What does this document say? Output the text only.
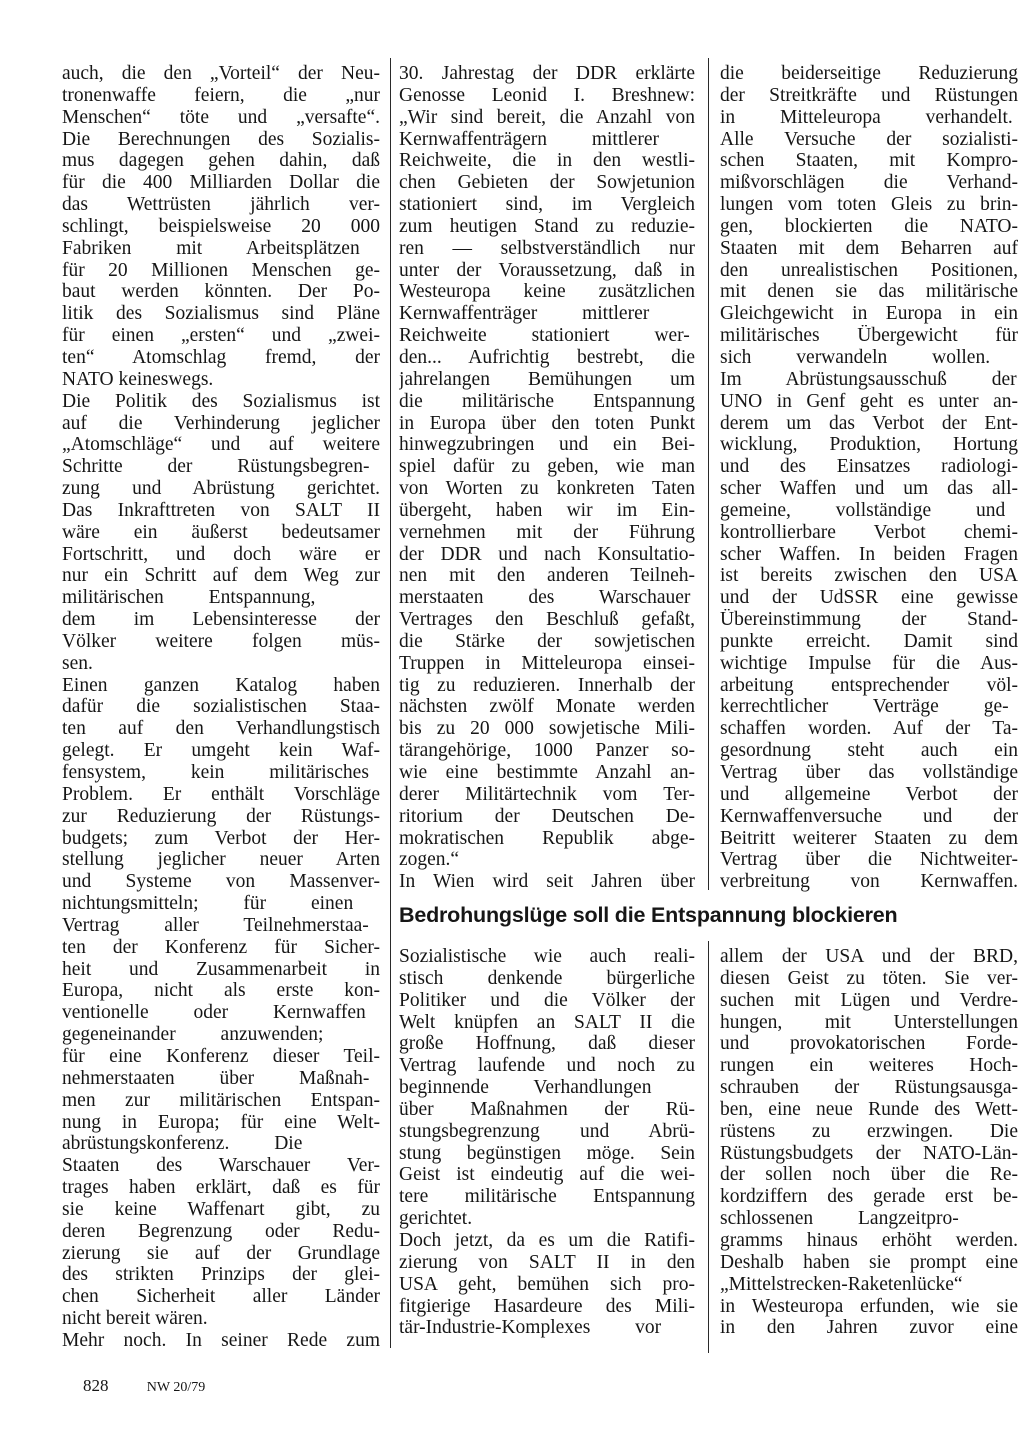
auch, die den „Vorteil“ der Neu-
tronenwaffe feiern, die „nur
Menschen“ töte und „versafte“.
Die Berechnungen des Sozialis-
mus dagegen gehen dahin, daß
für die 400 Milliarden Dollar die
das Wettrüsten jährlich ver-
schlingt, beispielsweise 20 000
Fabriken mit Arbeitsplätzen
für 20 Millionen Menschen ge-
baut werden könnten. Der Po-
litik des Sozialismus sind Pläne
für einen „ersten“ und „zwei-
ten“ Atomschlag fremd, der
NATO keineswegs.
Die Politik des Sozialismus ist
auf die Verhinderung jeglicher
„Atomschläge“ und auf weitere
Schritte der Rüstungsbegren-
zung und Abrüstung gerichtet.
Das Inkrafttreten von SALT II
wäre ein äußerst bedeutsamer
Fortschritt, und doch wäre er
nur ein Schritt auf dem Weg zur
militärischen Entspannung,
dem im Lebensinteresse der
Völker weitere folgen müs-
sen.
Einen ganzen Katalog haben
dafür die sozialistischen Staa-
ten auf den Verhandlungstisch
gelegt. Er umgeht kein Waf-
fensystem, kein militärisches
Problem. Er enthält Vorschläge
zur Reduzierung der Rüstungs-
budgets; zum Verbot der Her-
stellung jeglicher neuer Arten
und Systeme von Massenver-
nichtungsmitteln; für einen
Vertrag aller Teilnehmerstaa-
ten der Konferenz für Sicher-
heit und Zusammenarbeit in
Europa, nicht als erste kon-
ventionelle oder Kernwaffen
gegeneinander anzuwenden;
für eine Konferenz dieser Teil-
nehmerstaaten über Maßnah-
men zur militärischen Entspan-
nung in Europa; für eine Welt-
abrüstungskonferenz. Die
Staaten des Warschauer Ver-
trages haben erklärt, daß es für
sie keine Waffenart gibt, zu
deren Begrenzung oder Redu-
zierung sie auf der Grundlage
des strikten Prinzips der glei-
chen Sicherheit aller Länder
nicht bereit wären.
Mehr noch. In seiner Rede zum

30. Jahrestag der DDR erklärte
Genosse Leonid I. Breshnew:
„Wir sind bereit, die Anzahl von
Kernwaffenträgern mittlerer
Reichweite, die in den westli-
chen Gebieten der Sowjetunion
stationiert sind, im Vergleich
zum heutigen Stand zu reduzie-
ren — selbstverständlich nur
unter der Voraussetzung, daß in
Westeuropa keine zusätzlichen
Kernwaffenträger mittlerer
Reichweite stationiert wer-
den... Aufrichtig bestrebt, die
jahrelangen Bemühungen um
die militärische Entspannung
in Europa über den toten Punkt
hinwegzubringen und ein Bei-
spiel dafür zu geben, wie man
von Worten zu konkreten Taten
übergeht, haben wir im Ein-
vernehmen mit der Führung
der DDR und nach Konsultatio-
nen mit den anderen Teilneh-
merstaaten des Warschauer
Vertrages den Beschluß gefaßt,
die Stärke der sowjetischen
Truppen in Mitteleuropa einsei-
tig zu reduzieren. Innerhalb der
nächsten zwölf Monate werden
bis zu 20 000 sowjetische Mili-
tärangehörige, 1000 Panzer so-
wie eine bestimmte Anzahl an-
derer Militärtechnik vom Ter-
ritorium der Deutschen De-
mokratischen Republik abge-
zogen.“
In Wien wird seit Jahren über

die beiderseitige Reduzierung
der Streitkräfte und Rüstungen
in Mitteleuropa verhandelt.
Alle Versuche der sozialisti-
schen Staaten, mit Kompro-
mißvorschlägen die Verhand-
lungen vom toten Gleis zu brin-
gen, blockierten die NATO-
Staaten mit dem Beharren auf
den unrealistischen Positionen,
mit denen sie das militärische
Gleichgewicht in Europa in ein
militärisches Übergewicht für
sich verwandeln wollen.
Im Abrüstungsausschuß der
UNO in Genf geht es unter an-
derem um das Verbot der Ent-
wicklung, Produktion, Hortung
und des Einsatzes radiologi-
scher Waffen und um das all-
gemeine, vollständige und
kontrollierbare Verbot chemi-
scher Waffen. In beiden Fragen
ist bereits zwischen den USA
und der UdSSR eine gewisse
Übereinstimmung der Stand-
punkte erreicht. Damit sind
wichtige Impulse für die Aus-
arbeitung entsprechender völ-
kerrechtlicher Verträge ge-
schaffen worden. Auf der Ta-
gesordnung steht auch ein
Vertrag über das vollständige
und allgemeine Verbot der
Kernwaffenversuche und der
Beitritt weiterer Staaten zu dem
Vertrag über die Nichtweiter-
verbreitung von Kernwaffen.

Bedrohungslüge soll die Entspannung blockieren

Sozialistische wie auch reali-
stisch denkende bürgerliche
Politiker und die Völker der
Welt knüpfen an SALT II die
große Hoffnung, daß dieser
Vertrag laufende und noch zu
beginnende Verhandlungen
über Maßnahmen der Rü-
stungsbegrenzung und Abrü-
stung begünstigen möge. Sein
Geist ist eindeutig auf die wei-
tere militärische Entspannung
gerichtet.
Doch jetzt, da es um die Ratifi-
zierung von SALT II in den
USA geht, bemühen sich pro-
fitgierige Hasardeure des Mili-
tär-Industrie-Komplexes vor

allem der USA und der BRD,
diesen Geist zu töten. Sie ver-
suchen mit Lügen und Verdre-
hungen, mit Unterstellungen
und provokatorischen Forde-
rungen ein weiteres Hoch-
schrauben der Rüstungsausga-
ben, eine neue Runde des Wett-
rüstens zu erzwingen. Die
Rüstungsbudgets der NATO-Län-
der sollen noch über die Re-
kordziffern des gerade erst be-
schlossenen Langzeitpro-
gramms hinaus erhöht werden.
Deshalb haben sie prompt eine
„Mittelstrecken-Raketenlücke“
in Westeuropa erfunden, wie sie
in den Jahren zuvor eine

828	NW 20/79
